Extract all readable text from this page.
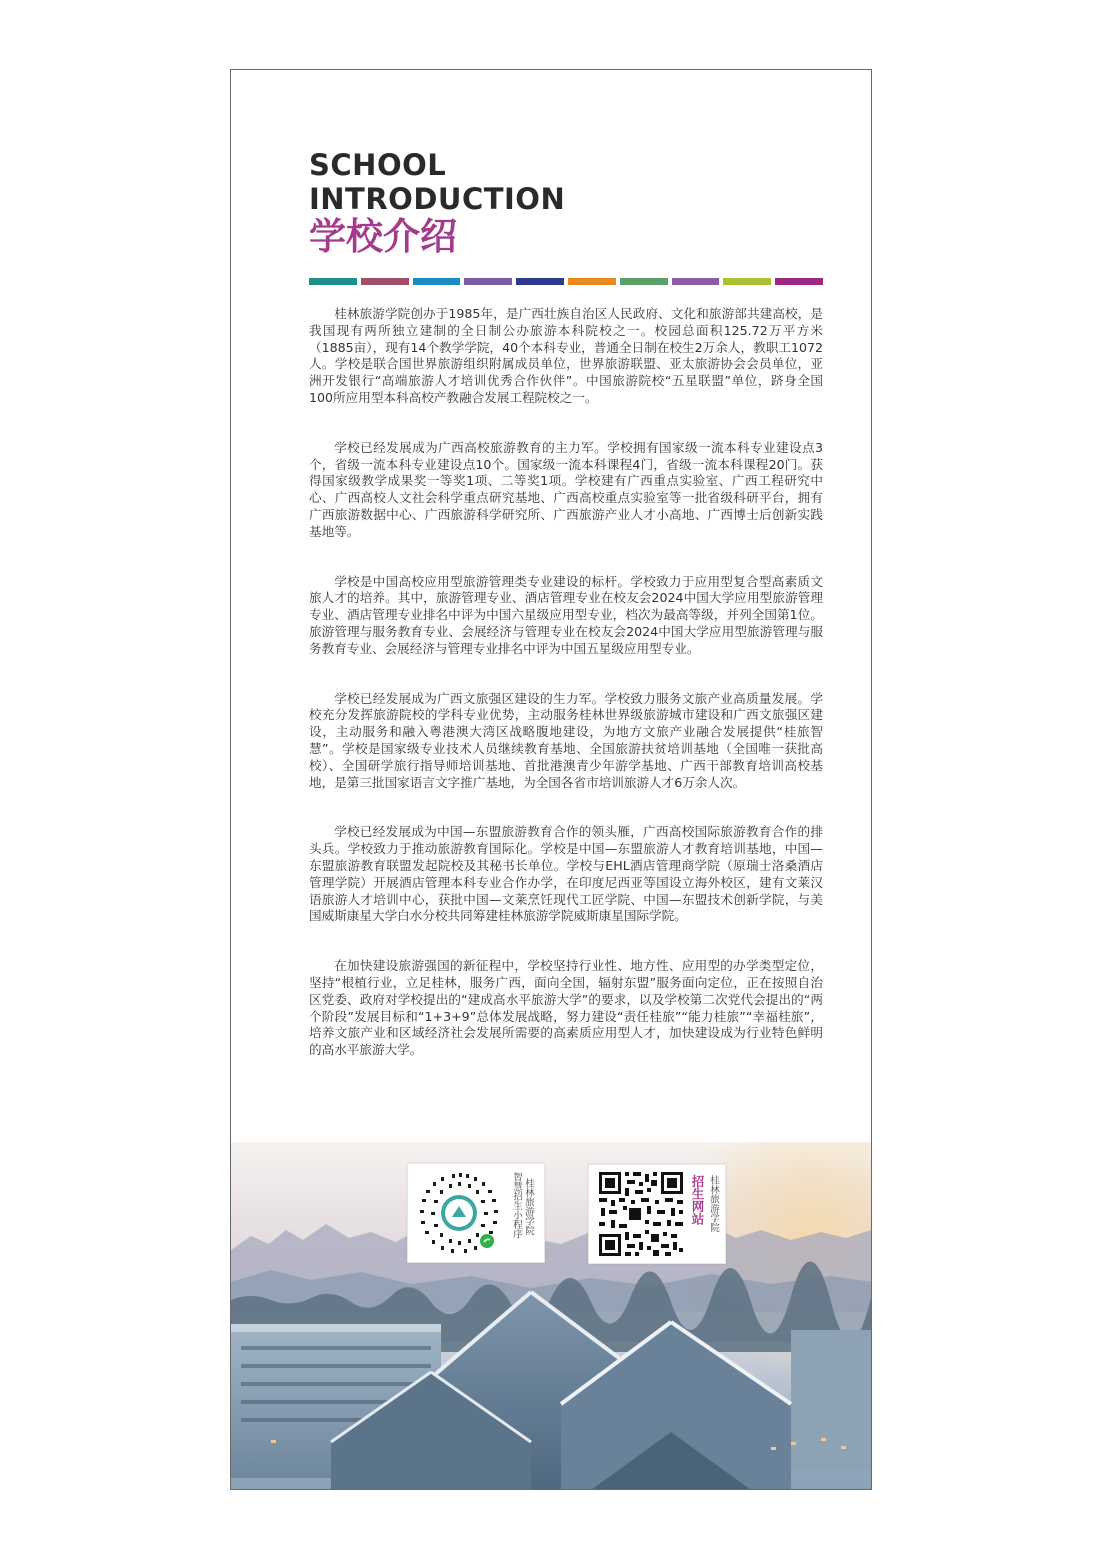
SCHOOL
INTRODUCTION
学校介绍

桂林旅游学院创办于1985年，是广西壮族自治区人民政府、文化和旅游部共建高校，是我国现有两所独立建制的全日制公办旅游本科院校之一。校园总面积125.72万平方米（1885亩），现有14个教学学院，40个本科专业，普通全日制在校生2万余人，教职工1072人。学校是联合国世界旅游组织附属成员单位，世界旅游联盟、亚太旅游协会会员单位，亚洲开发银行“高端旅游人才培训优秀合作伙伴”。中国旅游院校“五星联盟”单位，跻身全国100所应用型本科高校产教融合发展工程院校之一。

学校已经发展成为广西高校旅游教育的主力军。学校拥有国家级一流本科专业建设点3个，省级一流本科专业建设点10个。国家级一流本科课程4门，省级一流本科课程20门。获得国家级教学成果奖一等奖1项、二等奖1项。学校建有广西重点实验室、广西工程研究中心、广西高校人文社会科学重点研究基地、广西高校重点实验室等一批省级科研平台，拥有广西旅游数据中心、广西旅游科学研究所、广西旅游产业人才小高地、广西博士后创新实践基地等。

学校是中国高校应用型旅游管理类专业建设的标杆。学校致力于应用型复合型高素质文旅人才的培养。其中，旅游管理专业、酒店管理专业在校友会2024中国大学应用型旅游管理专业、酒店管理专业排名中评为中国六星级应用型专业，档次为最高等级，并列全国第1位。旅游管理与服务教育专业、会展经济与管理专业在校友会2024中国大学应用型旅游管理与服务教育专业、会展经济与管理专业排名中评为中国五星级应用型专业。

学校已经发展成为广西文旅强区建设的生力军。学校致力服务文旅产业高质量发展。学校充分发挥旅游院校的学科专业优势，主动服务桂林世界级旅游城市建设和广西文旅强区建设，主动服务和融入粤港澳大湾区战略腹地建设，为地方文旅产业融合发展提供“桂旅智慧”。学校是国家级专业技术人员继续教育基地、全国旅游扶贫培训基地（全国唯一获批高校）、全国研学旅行指导师培训基地、首批港澳青少年游学基地、广西干部教育培训高校基地，是第三批国家语言文字推广基地，为全国各省市培训旅游人才6万余人次。

学校已经发展成为中国—东盟旅游教育合作的领头雁，广西高校国际旅游教育合作的排头兵。学校致力于推动旅游教育国际化。学校是中国—东盟旅游人才教育培训基地，中国—东盟旅游教育联盟发起院校及其秘书长单位。学校与EHL酒店管理商学院（原瑞士洛桑酒店管理学院）开展酒店管理本科专业合作办学，在印度尼西亚等国设立海外校区，建有文莱汉语旅游人才培训中心，获批中国—文莱烹饪现代工匠学院、中国—东盟技术创新学院，与美国威斯康星大学白水分校共同筹建桂林旅游学院威斯康星国际学院。

在加快建设旅游强国的新征程中，学校坚持行业性、地方性、应用型的办学类型定位，坚持“根植行业，立足桂林，服务广西，面向全国，辐射东盟”服务面向定位，正在按照自治区党委、政府对学校提出的“建成高水平旅游大学”的要求，以及学校第二次党代会提出的“两个阶段”发展目标和“1+3+9”总体发展战略，努力建设“责任桂旅”“能力桂旅”“幸福桂旅”，培养文旅产业和区域经济社会发展所需要的高素质应用型人才，加快建设成为行业特色鲜明的高水平旅游大学。

智慧招生小程序 桂林旅游学院	招生网站 桂林旅游学院
